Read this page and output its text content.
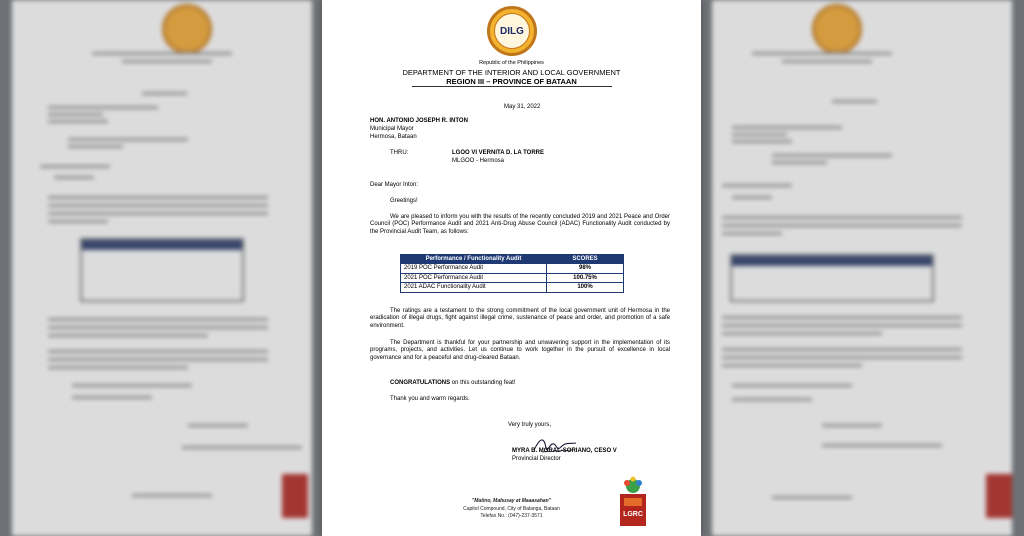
DILG
Republic of the Philippines
DEPARTMENT OF THE INTERIOR AND LOCAL GOVERNMENT
REGION III – PROVINCE OF BATAAN
May 31, 2022
HON. ANTONIO JOSEPH R. INTON
Municipal Mayor
Hermosa, Bataan
THRU:	LGOO VI VERNITA D. LA TORRE
MLGOO - Hermosa
Dear Mayor Inton:
Greetings!
We are pleased to inform you with the results of the recently concluded 2019 and 2021 Peace and Order Council (POC) Performance Audit and 2021 Anti-Drug Abuse Council (ADAC) Functionality Audit conducted by the Provincial Audit Team, as follows:
Performance / Functionality Audit	SCORES
2019 POC Performance Audit	98%
2021 POC Performance Audit	100.75%
2021 ADAC Functionality Audit	100%
The ratings are a testament to the strong commitment of the local government unit of Hermosa in the eradication of illegal drugs, fight against illegal crime, sustenance of peace and order, and promotion of a safe environment.
The Department is thankful for your partnership and unwavering support in the implementation of its programs, projects, and activities. Let us continue to work together in the pursuit of excellence in local governance and for a peaceful and drug-cleared Bataan.
CONGRATULATIONS on this outstanding feat!
Thank you and warm regards.
Very truly yours,
MYRA B. MORAL-SORIANO, CESO V
Provincial Director
"Matino, Mahusay at Maaasahan"
Capitol Compound, City of Balanga, Bataan
Telefax No.: (047)-237-3571	LGRC
